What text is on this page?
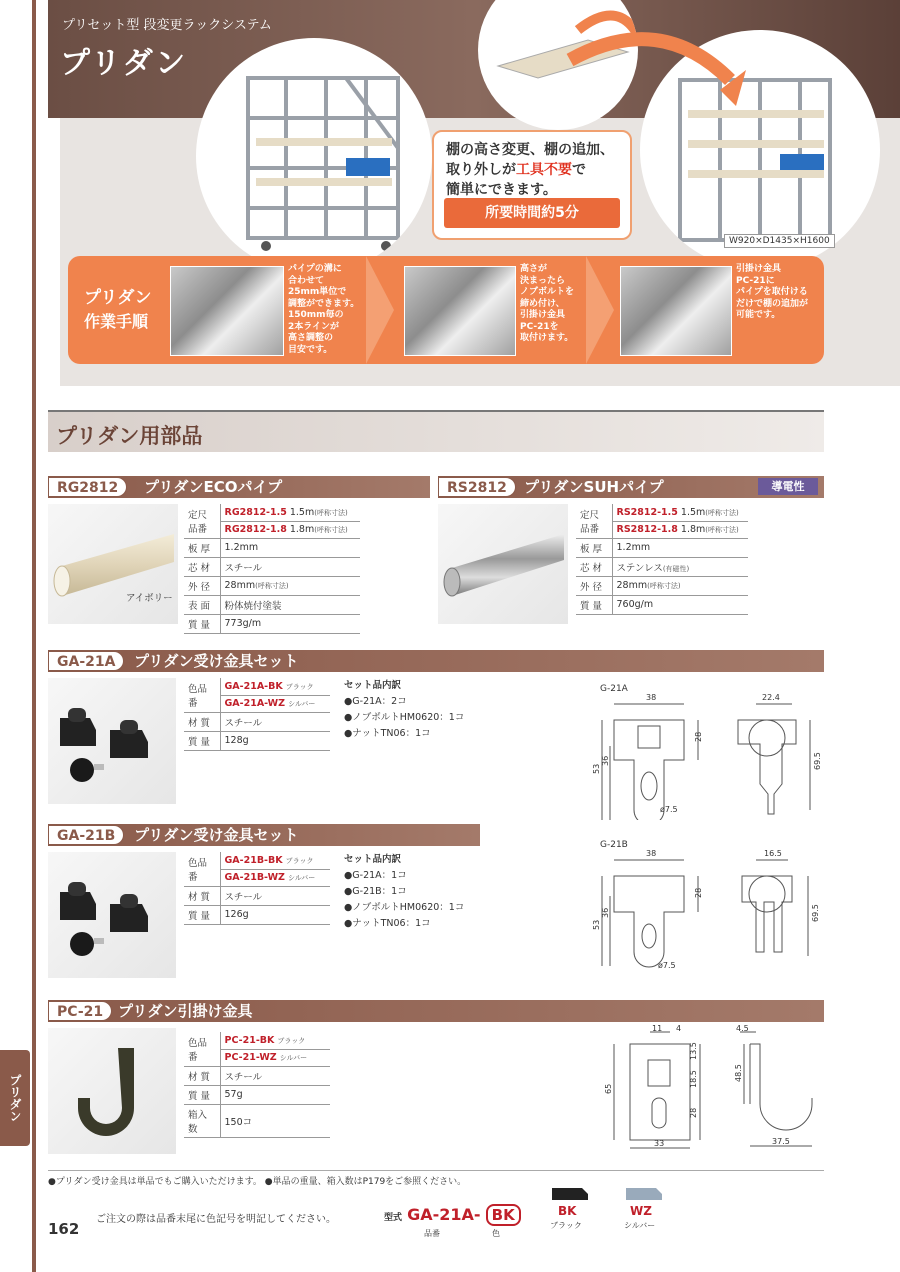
プリセット型 段変更ラックシステム
プリダン
棚の高さ変更、棚の追加、
取り外しが工具不要で
簡単にできます。
所要時間約5分
W920×D1435×H1600
プリダン
作業手順
パイプの溝に
合わせて
25mm単位で
調整ができます。
150mm毎の
2本ラインが
高さ調整の
目安です。
高さが
決まったら
ノブボルトを
締め付け、
引掛け金具
PC-21を
取付けます。
引掛け金具
PC-21に
パイプを取付ける
だけで棚の追加が
可能です。
プリダン用部品
RG2812	プリダンECOパイプ
アイボリー
定尺品番	RG2812-1.5 1.5m(呼称寸法)
	RG2812-1.8 1.8m(呼称寸法)
板厚	1.2mm
芯材	スチール
外径	28mm(呼称寸法)
表面	粉体焼付塗装
質量	773g/m
RS2812	プリダンSUHパイプ	導電性
定尺品番	RS2812-1.5 1.5m(呼称寸法)
	RS2812-1.8 1.8m(呼称寸法)
板厚	1.2mm
芯材	ステンレス(有磁性)
外径	28mm(呼称寸法)
質量	760g/m
GA-21A	プリダン受け金具セット
色品番	GA-21A-BK ブラック
	GA-21A-WZ シルバー
材質	スチール
質量	128g
セット品内訳
●G-21A：2コ
●ノブボルトHM0620：1コ
●ナットTN06：1コ
G-21A
38
28
36
53
ø7.5
22.4
69.5
GA-21B	プリダン受け金具セット
色品番	GA-21B-BK ブラック
	GA-21B-WZ シルバー
材質	スチール
質量	126g
セット品内訳
●G-21A：1コ
●G-21B：1コ
●ノブボルトHM0620：1コ
●ナットTN06：1コ
G-21B
38
28
36
53
ø7.5
16.5
69.5
PC-21 プリダン引掛け金具
色品番	PC-21-BK ブラック
	PC-21-WZ シルバー
材質	スチール
質量	57g
箱入数	150コ
11 4
13.5
18.5
28
65
33
4.5
48.5
37.5
プリダン
●プリダン受け金具は単品でもご購入いただけます。 ●単品の重量、箱入数はP179をご参照ください。
162
ご注文の際は品番末尾に色記号を明記してください。	型式 GA-21A- BK
品番	色
BK
ブラック
WZ
シルバー
